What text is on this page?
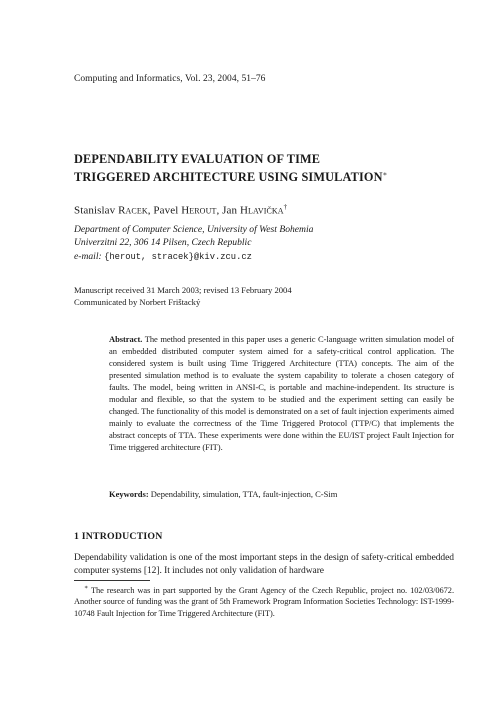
Computing and Informatics, Vol. 23, 2004, 51–76
DEPENDABILITY EVALUATION OF TIME
TRIGGERED ARCHITECTURE USING SIMULATION∗
Stanislav Racek, Pavel Herout, Jan Hlavička†
Department of Computer Science, University of West Bohemia
Univerzitni 22, 306 14 Pilsen, Czech Republic
e-mail: {herout, stracek}@kiv.zcu.cz
Manuscript received 31 March 2003; revised 13 February 2004
Communicated by Norbert Frištacký
Abstract. The method presented in this paper uses a generic C-language written simulation model of an embedded distributed computer system aimed for a safety-critical control application. The considered system is built using Time Triggered Architecture (TTA) concepts. The aim of the presented simulation method is to evaluate the system capability to tolerate a chosen category of faults. The model, being written in ANSI-C, is portable and machine-independent. Its structure is modular and flexible, so that the system to be studied and the experiment setting can easily be changed. The functionality of this model is demonstrated on a set of fault injection experiments aimed mainly to evaluate the correctness of the Time Triggered Protocol (TTP/C) that implements the abstract concepts of TTA. These experiments were done within the EU/IST project Fault Injection for Time triggered architecture (FIT).
Keywords: Dependability, simulation, TTA, fault-injection, C-Sim
1 INTRODUCTION
Dependability validation is one of the most important steps in the design of safety-critical embedded computer systems [12]. It includes not only validation of hardware
∗ The research was in part supported by the Grant Agency of the Czech Republic, project no. 102/03/0672. Another source of funding was the grant of 5th Framework Program Information Societies Technology: IST-1999-10748 Fault Injection for Time Triggered Architecture (FIT).
